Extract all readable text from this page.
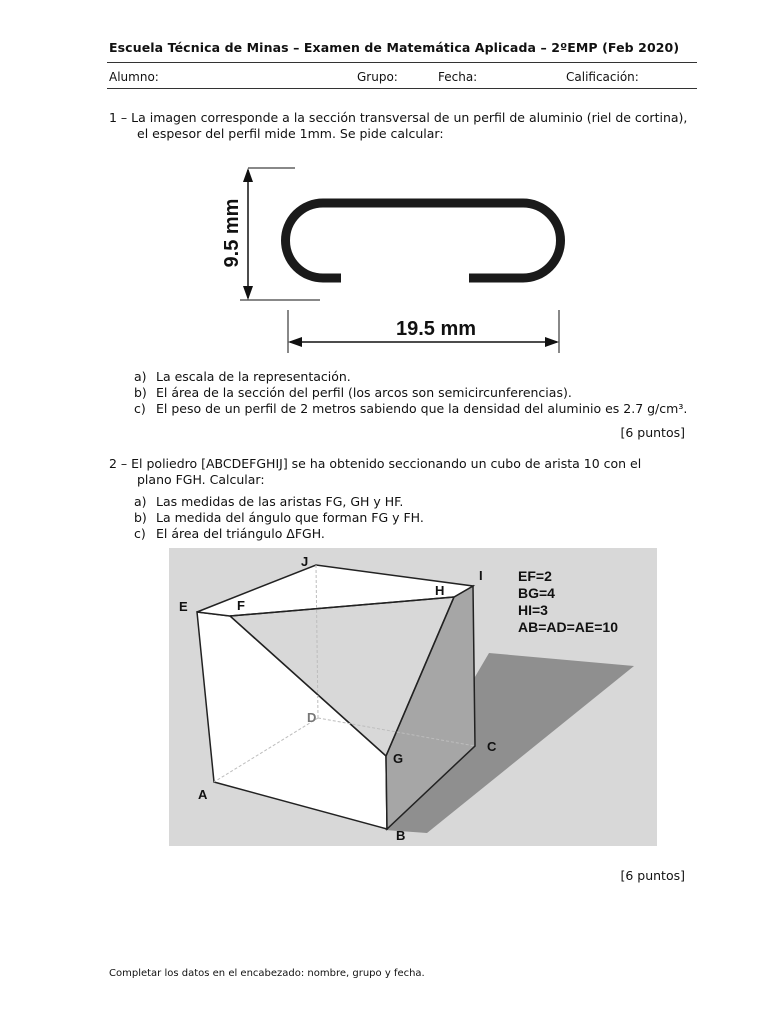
Escuela Técnica de Minas – Examen de Matemática Aplicada – 2ºEMP (Feb 2020)
Alumno:	Grupo:	Fecha:	Calificación:
1 – La imagen corresponde a la sección transversal de un perfil de aluminio (riel de cortina),
el espesor del perfil mide 1mm. Se pide calcular:
9.5 mm
19.5 mm
a) La escala de la representación.
b) El área de la sección del perfil (los arcos son semicircunferencias).
c) El peso de un perfil de 2 metros sabiendo que la densidad del aluminio es 2.7 g/cm³.
[6 puntos]
2 – El poliedro [ABCDEFGHIJ] se ha obtenido seccionando un cubo de arista 10 con el
plano FGH. Calcular:
a) Las medidas de las aristas FG, GH y HF.
b) La medida del ángulo que forman FG y FH.
c) El área del triángulo ΔFGH.
J
I
H
E	F
D
G
C
A
B
EF=2
BG=4
HI=3
AB=AD=AE=10
[6 puntos]
Completar los datos en el encabezado: nombre, grupo y fecha.
